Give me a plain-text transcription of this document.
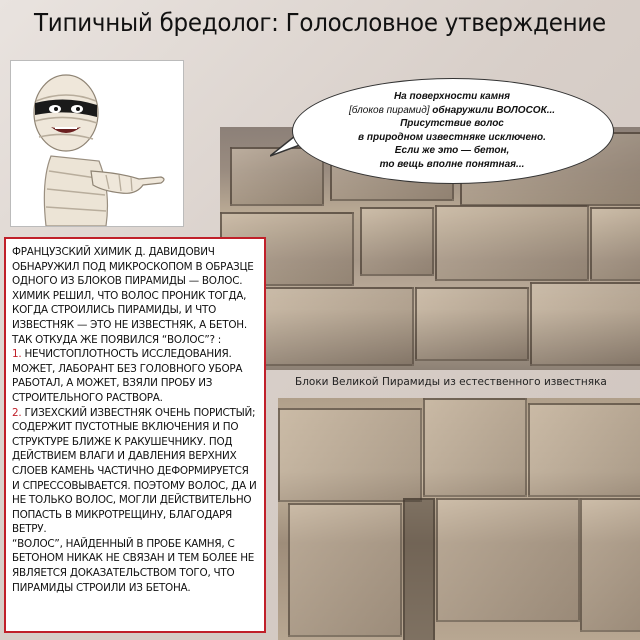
Типичный бредолог: Голословное утверждение
Блоки Великой Пирамиды из естественного известняка
На поверхности камня
[блоков пирамид] обнаружили ВОЛОСОК...
Присутствие волос
в природном известняке исключено.
Если же это — бетон,
то вещь вполне понятная...

ФРАНЦУЗСКИЙ ХИМИК Д. ДАВИДОВИЧ ОБНАРУЖИЛ ПОД МИКРОСКОПОМ В ОБРАЗЦЕ ОДНОГО ИЗ БЛОКОВ ПИРАМИДЫ — ВОЛОС. ХИМИК РЕШИЛ, ЧТО ВОЛОС ПРОНИК ТОГДА, КОГДА СТРОИЛИСЬ ПИРАМИДЫ, И ЧТО ИЗВЕСТНЯК — ЭТО НЕ ИЗВЕСТНЯК, А БЕТОН. ТАК ОТКУДА ЖЕ ПОЯВИЛСЯ “ВОЛОС”? :

1. НЕЧИСТОПЛОТНОСТЬ ИССЛЕДОВАНИЯ. МОЖЕТ, ЛАБОРАНТ БЕЗ ГОЛОВНОГО УБОРА РАБОТАЛ, А МОЖЕТ, ВЗЯЛИ ПРОБУ ИЗ СТРОИТЕЛЬНОГО РАСТВОРА.

2. ГИЗЕХСКИЙ ИЗВЕСТНЯК ОЧЕНЬ ПОРИСТЫЙ; СОДЕРЖИТ ПУСТОТНЫЕ ВКЛЮЧЕНИЯ И ПО СТРУКТУРЕ БЛИЖЕ К РАКУШЕЧНИКУ. ПОД ДЕЙСТВИЕМ ВЛАГИ И ДАВЛЕНИЯ ВЕРХНИХ СЛОЕВ КАМЕНЬ ЧАСТИЧНО ДЕФОРМИРУЕТСЯ И СПРЕССОВЫВАЕТСЯ. ПОЭТОМУ ВОЛОС, ДА И НЕ ТОЛЬКО ВОЛОС, МОГЛИ ДЕЙСТВИТЕЛЬНО ПОПАСТЬ В МИКРОТРЕЩИНУ, БЛАГОДАРЯ ВЕТРУ.

“ВОЛОС”, НАЙДЕННЫЙ В ПРОБЕ КАМНЯ, С БЕТОНОМ НИКАК НЕ СВЯЗАН И ТЕМ БОЛЕЕ НЕ ЯВЛЯЕТСЯ ДОКАЗАТЕЛЬСТВОМ ТОГО, ЧТО ПИРАМИДЫ СТРОИЛИ ИЗ БЕТОНА.
